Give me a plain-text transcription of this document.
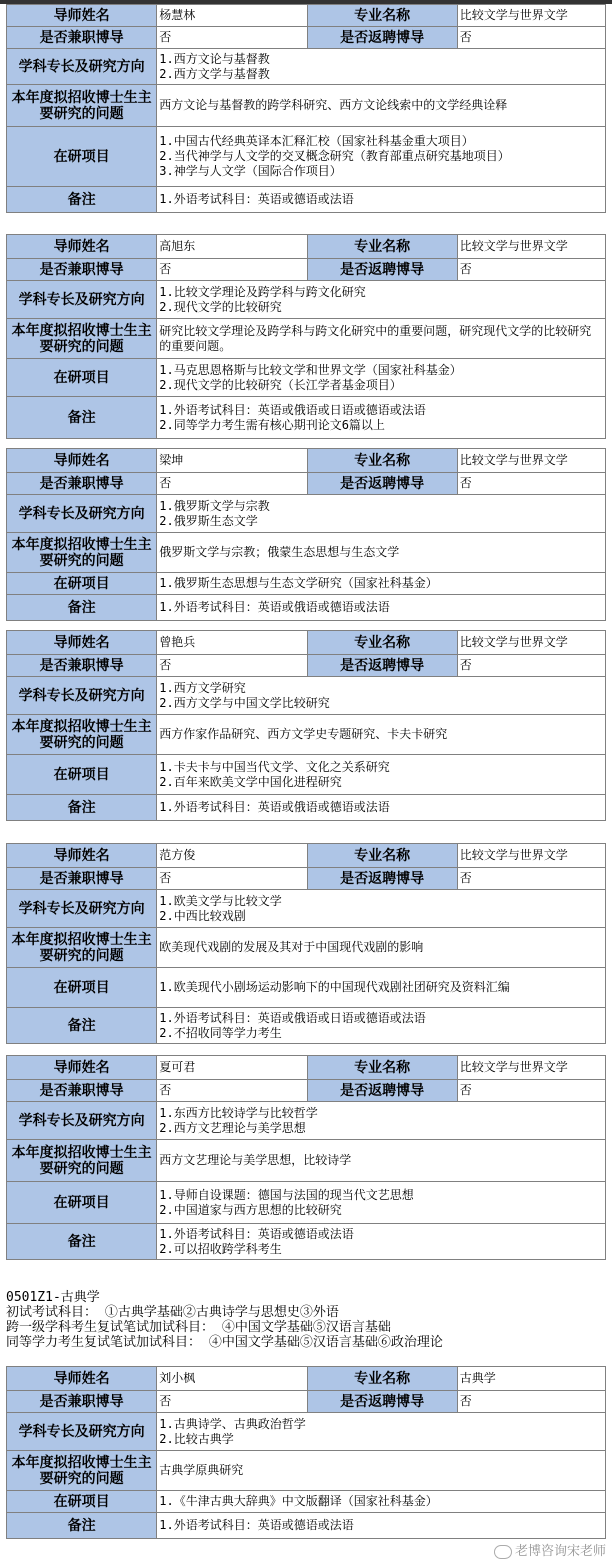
导师姓名	杨慧林	专业名称	比较文学与世界文学
是否兼职博导	否	是否返聘博导	否
学科专长及研究方向	1.西方文论与基督教
2.西方文学与基督教		

本年度拟招收博士生主要研究的问题	西方文论与基督教的跨学科研究、西方文论线索中的文学经典诠释		

在研项目	1.中国古代经典英译本汇释汇校（国家社科基金重大项目）
2.当代神学与人文学的交叉概念研究（教育部重点研究基地项目）
3.神学与人文学（国际合作项目）		

备注	1.外语考试科目：英语或德语或法语		
导师姓名	高旭东	专业名称	比较文学与世界文学
是否兼职博导	否	是否返聘博导	否
学科专长及研究方向	1.比较文学理论及跨学科与跨文化研究
2.现代文学的比较研究		

本年度拟招收博士生主要研究的问题	研究比较文学理论及跨学科与跨文化研究中的重要问题，研究现代文学的比较研究的重要问题。		

在研项目	1.马克思恩格斯与比较文学和世界文学（国家社科基金）
2.现代文学的比较研究（长江学者基金项目）		

备注	1.外语考试科目：英语或俄语或日语或德语或法语
2.同等学力考生需有核心期刊论文6篇以上		
导师姓名	梁坤	专业名称	比较文学与世界文学
是否兼职博导	否	是否返聘博导	否
学科专长及研究方向	1.俄罗斯文学与宗教
2.俄罗斯生态文学		

本年度拟招收博士生主要研究的问题	俄罗斯文学与宗教；俄蒙生态思想与生态文学		

在研项目	1.俄罗斯生态思想与生态文学研究（国家社科基金）		

备注	1.外语考试科目：英语或俄语或德语或法语		
导师姓名	曾艳兵	专业名称	比较文学与世界文学
是否兼职博导	否	是否返聘博导	否
学科专长及研究方向	1.西方文学研究
2.西方文学与中国文学比较研究		

本年度拟招收博士生主要研究的问题	西方作家作品研究、西方文学史专题研究、卡夫卡研究		

在研项目	1.卡夫卡与中国当代文学、文化之关系研究
2.百年来欧美文学中国化进程研究		

备注	1.外语考试科目：英语或俄语或德语或法语		
导师姓名	范方俊	专业名称	比较文学与世界文学
是否兼职博导	否	是否返聘博导	否
学科专长及研究方向	1.欧美文学与比较文学
2.中西比较戏剧		

本年度拟招收博士生主要研究的问题	欧美现代戏剧的发展及其对于中国现代戏剧的影响		

在研项目	1.欧美现代小剧场运动影响下的中国现代戏剧社团研究及资料汇编		

备注	1.外语考试科目：英语或俄语或日语或德语或法语
2.不招收同等学力考生		
导师姓名	夏可君	专业名称	比较文学与世界文学
是否兼职博导	否	是否返聘博导	否
学科专长及研究方向	1.东西方比较诗学与比较哲学
2.西方文艺理论与美学思想		

本年度拟招收博士生主要研究的问题	西方文艺理论与美学思想，比较诗学		

在研项目	1.导师自设课题：德国与法国的现当代文艺思想
2.中国道家与西方思想的比较研究		

备注	1.外语考试科目：英语或德语或法语
2.可以招收跨学科考生		
导师姓名	刘小枫	专业名称	古典学
是否兼职博导	否	是否返聘博导	否
学科专长及研究方向	1.古典诗学、古典政治哲学
2.比较古典学		

本年度拟招收博士生主要研究的问题	古典学原典研究		

在研项目	1.《牛津古典大辞典》中文版翻译（国家社科基金）		

备注	1.外语考试科目：英语或德语或法语		
0501Z1-古典学
初试考试科目： ①古典学基础②古典诗学与思想史③外语
跨一级学科考生复试笔试加试科目： ④中国文学基础⑤汉语言基础
同等学力考生复试笔试加试科目： ④中国文学基础⑤汉语言基础⑥政治理论
老博咨询宋老师
